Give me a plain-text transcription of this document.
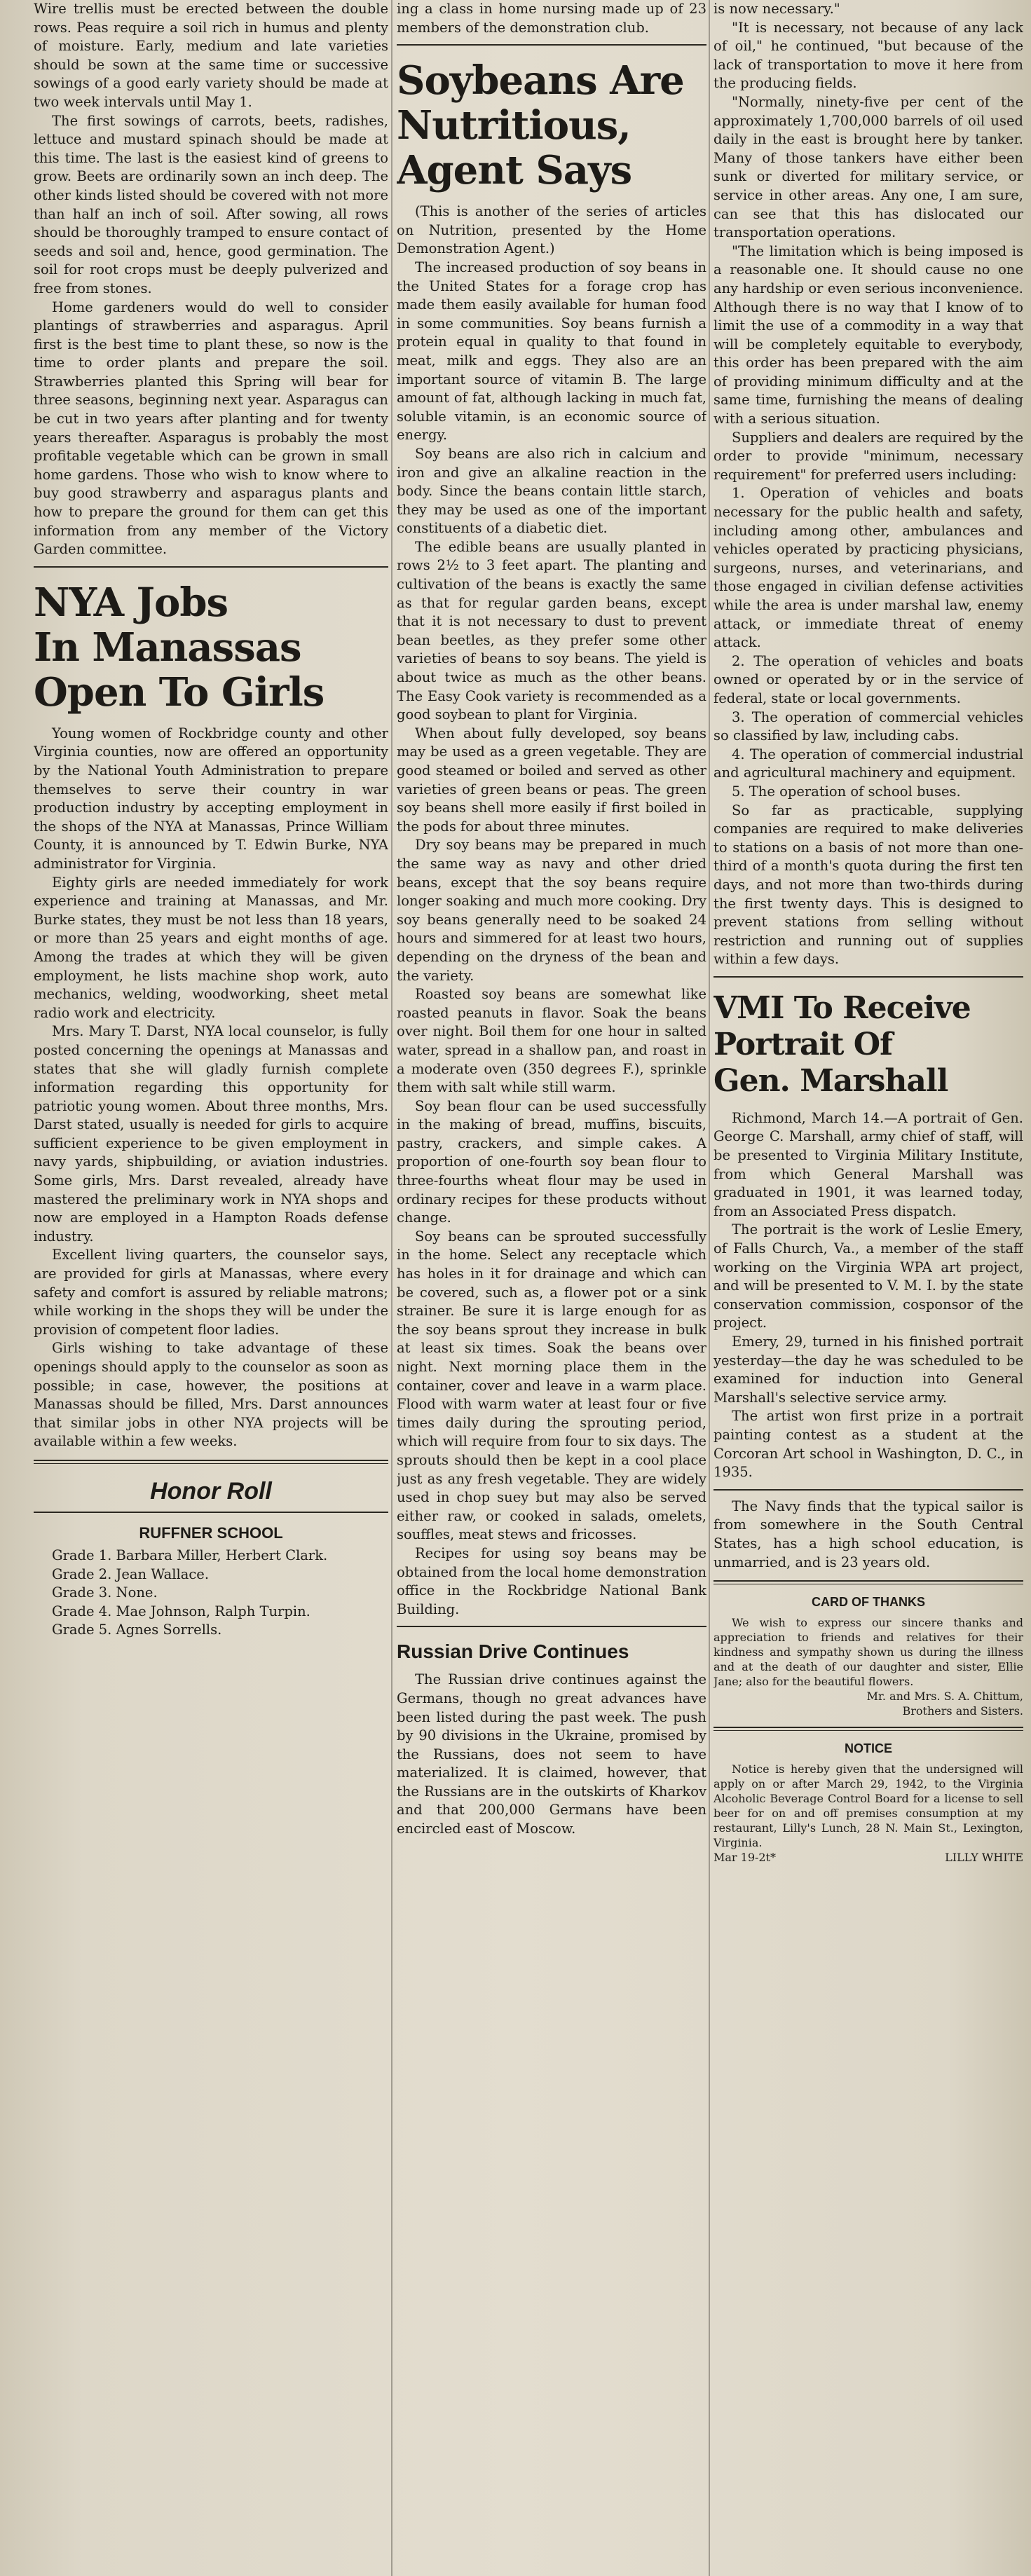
Wire trellis must be erected between the double rows. Peas require a soil rich in humus and plenty of moisture. Early, medium and late varieties should be sown at the same time or successive sowings of a good early variety should be made at two week intervals until May 1.

The first sowings of carrots, beets, radishes, lettuce and mustard spinach should be made at this time. The last is the easiest kind of greens to grow. Beets are ordinarily sown an inch deep. The other kinds listed should be covered with not more than half an inch of soil. After sowing, all rows should be thoroughly tramped to ensure contact of seeds and soil and, hence, good germination. The soil for root crops must be deeply pulverized and free from stones.

Home gardeners would do well to consider plantings of strawberries and asparagus. April first is the best time to plant these, so now is the time to order plants and prepare the soil. Strawberries planted this Spring will bear for three seasons, beginning next year. Asparagus can be cut in two years after planting and for twenty years thereafter. Asparagus is probably the most profitable vegetable which can be grown in small home gardens. Those who wish to know where to buy good strawberry and asparagus plants and how to prepare the ground for them can get this information from any member of the Victory Garden committee.

NYA Jobs
In Manassas
Open To Girls

Young women of Rockbridge county and other Virginia counties, now are offered an opportunity by the National Youth Administration to prepare themselves to serve their country in war production industry by accepting employment in the shops of the NYA at Manassas, Prince William County, it is announced by T. Edwin Burke, NYA administrator for Virginia.

Eighty girls are needed immediately for work experience and training at Manassas, and Mr. Burke states, they must be not less than 18 years, or more than 25 years and eight months of age. Among the trades at which they will be given employment, he lists machine shop work, auto mechanics, welding, woodworking, sheet metal radio work and electricity.

Mrs. Mary T. Darst, NYA local counselor, is fully posted concerning the openings at Manassas and states that she will gladly furnish complete information regarding this opportunity for patriotic young women. About three months, Mrs. Darst stated, usually is needed for girls to acquire sufficient experience to be given employment in navy yards, shipbuilding, or aviation industries. Some girls, Mrs. Darst revealed, already have mastered the preliminary work in NYA shops and now are employed in a Hampton Roads defense industry.

Excellent living quarters, the counselor says, are provided for girls at Manassas, where every safety and comfort is assured by reliable matrons; while working in the shops they will be under the provision of competent floor ladies.

Girls wishing to take advantage of these openings should apply to the counselor as soon as possible; in case, however, the positions at Manassas should be filled, Mrs. Darst announces that similar jobs in other NYA projects will be available within a few weeks.

Honor Roll
RUFFNER SCHOOL

Grade 1. Barbara Miller, Herbert Clark.

Grade 2. Jean Wallace.

Grade 3. None.

Grade 4. Mae Johnson, Ralph Turpin.

Grade 5. Agnes Sorrells.

ing a class in home nursing made up of 23 members of the demonstration club.

Soybeans Are
Nutritious,
Agent Says

(This is another of the series of articles on Nutrition, presented by the Home Demonstration Agent.)

The increased production of soy beans in the United States for a forage crop has made them easily available for human food in some communities. Soy beans furnish a protein equal in quality to that found in meat, milk and eggs. They also are an important source of vitamin B. The large amount of fat, although lacking in much fat, soluble vitamin, is an economic source of energy.

Soy beans are also rich in calcium and iron and give an alkaline reaction in the body. Since the beans contain little starch, they may be used as one of the important constituents of a diabetic diet.

The edible beans are usually planted in rows 2½ to 3 feet apart. The planting and cultivation of the beans is exactly the same as that for regular garden beans, except that it is not necessary to dust to prevent bean beetles, as they prefer some other varieties of beans to soy beans. The yield is about twice as much as the other beans. The Easy Cook variety is recommended as a good soybean to plant for Virginia.

When about fully developed, soy beans may be used as a green vegetable. They are good steamed or boiled and served as other varieties of green beans or peas. The green soy beans shell more easily if first boiled in the pods for about three minutes.

Dry soy beans may be prepared in much the same way as navy and other dried beans, except that the soy beans require longer soaking and much more cooking. Dry soy beans generally need to be soaked 24 hours and simmered for at least two hours, depending on the dryness of the bean and the variety.

Roasted soy beans are somewhat like roasted peanuts in flavor. Soak the beans over night. Boil them for one hour in salted water, spread in a shallow pan, and roast in a moderate oven (350 degrees F.), sprinkle them with salt while still warm.

Soy bean flour can be used successfully in the making of bread, muffins, biscuits, pastry, crackers, and simple cakes. A proportion of one-fourth soy bean flour to three-fourths wheat flour may be used in ordinary recipes for these products without change.

Soy beans can be sprouted successfully in the home. Select any receptacle which has holes in it for drainage and which can be covered, such as, a flower pot or a sink strainer. Be sure it is large enough for as the soy beans sprout they increase in bulk at least six times. Soak the beans over night. Next morning place them in the container, cover and leave in a warm place. Flood with warm water at least four or five times daily during the sprouting period, which will require from four to six days. The sprouts should then be kept in a cool place just as any fresh vegetable. They are widely used in chop suey but may also be served either raw, or cooked in salads, omelets, souffles, meat stews and fricosses.

Recipes for using soy beans may be obtained from the local home demonstration office in the Rockbridge National Bank Building.

Russian Drive Continues

The Russian drive continues against the Germans, though no great advances have been listed during the past week. The push by 90 divisions in the Ukraine, promised by the Russians, does not seem to have materialized. It is claimed, however, that the Russians are in the outskirts of Kharkov and that 200,000 Germans have been encircled east of Moscow.

is now necessary."

"It is necessary, not because of any lack of oil," he continued, "but because of the lack of transportation to move it here from the producing fields.

"Normally, ninety-five per cent of the approximately 1,700,000 barrels of oil used daily in the east is brought here by tanker. Many of those tankers have either been sunk or diverted for military service, or service in other areas. Any one, I am sure, can see that this has dislocated our transportation operations.

"The limitation which is being imposed is a reasonable one. It should cause no one any hardship or even serious inconvenience. Although there is no way that I know of to limit the use of a commodity in a way that will be completely equitable to everybody, this order has been prepared with the aim of providing minimum difficulty and at the same time, furnishing the means of dealing with a serious situation.

Suppliers and dealers are required by the order to provide "minimum, necessary requirement" for preferred users including:

1. Operation of vehicles and boats necessary for the public health and safety, including among other, ambulances and vehicles operated by practicing physicians, surgeons, nurses, and veterinarians, and those engaged in civilian defense activities while the area is under marshal law, enemy attack, or immediate threat of enemy attack.

2. The operation of vehicles and boats owned or operated by or in the service of federal, state or local governments.

3. The operation of commercial vehicles so classified by law, including cabs.

4. The operation of commercial industrial and agricultural machinery and equipment.

5. The operation of school buses.

So far as practicable, supplying companies are required to make deliveries to stations on a basis of not more than one-third of a month's quota during the first ten days, and not more than two-thirds during the first twenty days. This is designed to prevent stations from selling without restriction and running out of supplies within a few days.

VMI To Receive
Portrait Of
Gen. Marshall

Richmond, March 14.—A portrait of Gen. George C. Marshall, army chief of staff, will be presented to Virginia Military Institute, from which General Marshall was graduated in 1901, it was learned today, from an Associated Press dispatch.

The portrait is the work of Leslie Emery, of Falls Church, Va., a member of the staff working on the Virginia WPA art project, and will be presented to V. M. I. by the state conservation commission, cosponsor of the project.

Emery, 29, turned in his finished portrait yesterday—the day he was scheduled to be examined for induction into General Marshall's selective service army.

The artist won first prize in a portrait painting contest as a student at the Corcoran Art school in Washington, D. C., in 1935.

The Navy finds that the typical sailor is from somewhere in the South Central States, has a high school education, is unmarried, and is 23 years old.

CARD OF THANKS

We wish to express our sincere thanks and appreciation to friends and relatives for their kindness and sympathy shown us during the illness and at the death of our daughter and sister, Ellie Jane; also for the beautiful flowers.

Mr. and Mrs. S. A. Chittum,

Brothers and Sisters.

NOTICE

Notice is hereby given that the undersigned will apply on or after March 29, 1942, to the Virginia Alcoholic Beverage Control Board for a license to sell beer for on and off premises consumption at my restaurant, Lilly's Lunch, 28 N. Main St., Lexington, Virginia.

Mar 19-2t*	LILLY WHITE
